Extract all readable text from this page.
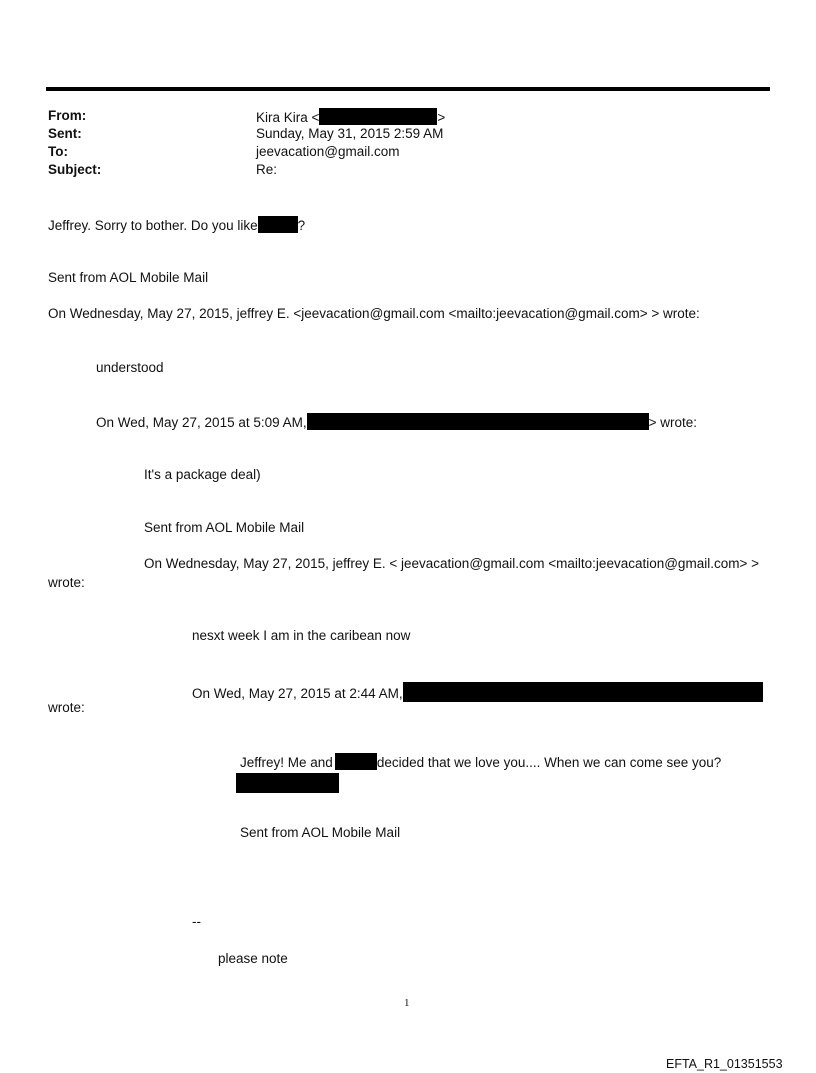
From:	Kira Kira <	>
Sent:	Sunday, May 31, 2015 2:59 AM
To:	jeevacation@gmail.com
Subject:	Re:
Jeffrey. Sorry to bother. Do you like	?
Sent from AOL Mobile Mail
On Wednesday, May 27, 2015, jeffrey E. <jeevacation@gmail.com <mailto:jeevacation@gmail.com> > wrote:
understood
On Wed, May 27, 2015 at 5:09 AM,	> wrote:
It's a package deal)
Sent from AOL Mobile Mail
On Wednesday, May 27, 2015, jeffrey E. < jeevacation@gmail.com <mailto:jeevacation@gmail.com> >
wrote:
nesxt week I am in the caribean now
On Wed, May 27, 2015 at 2:44 AM,
wrote:
Jeffrey! Me and	decided that we love you.... When we can come see you?
Sent from AOL Mobile Mail
--
please note
1
EFTA_R1_01351553
